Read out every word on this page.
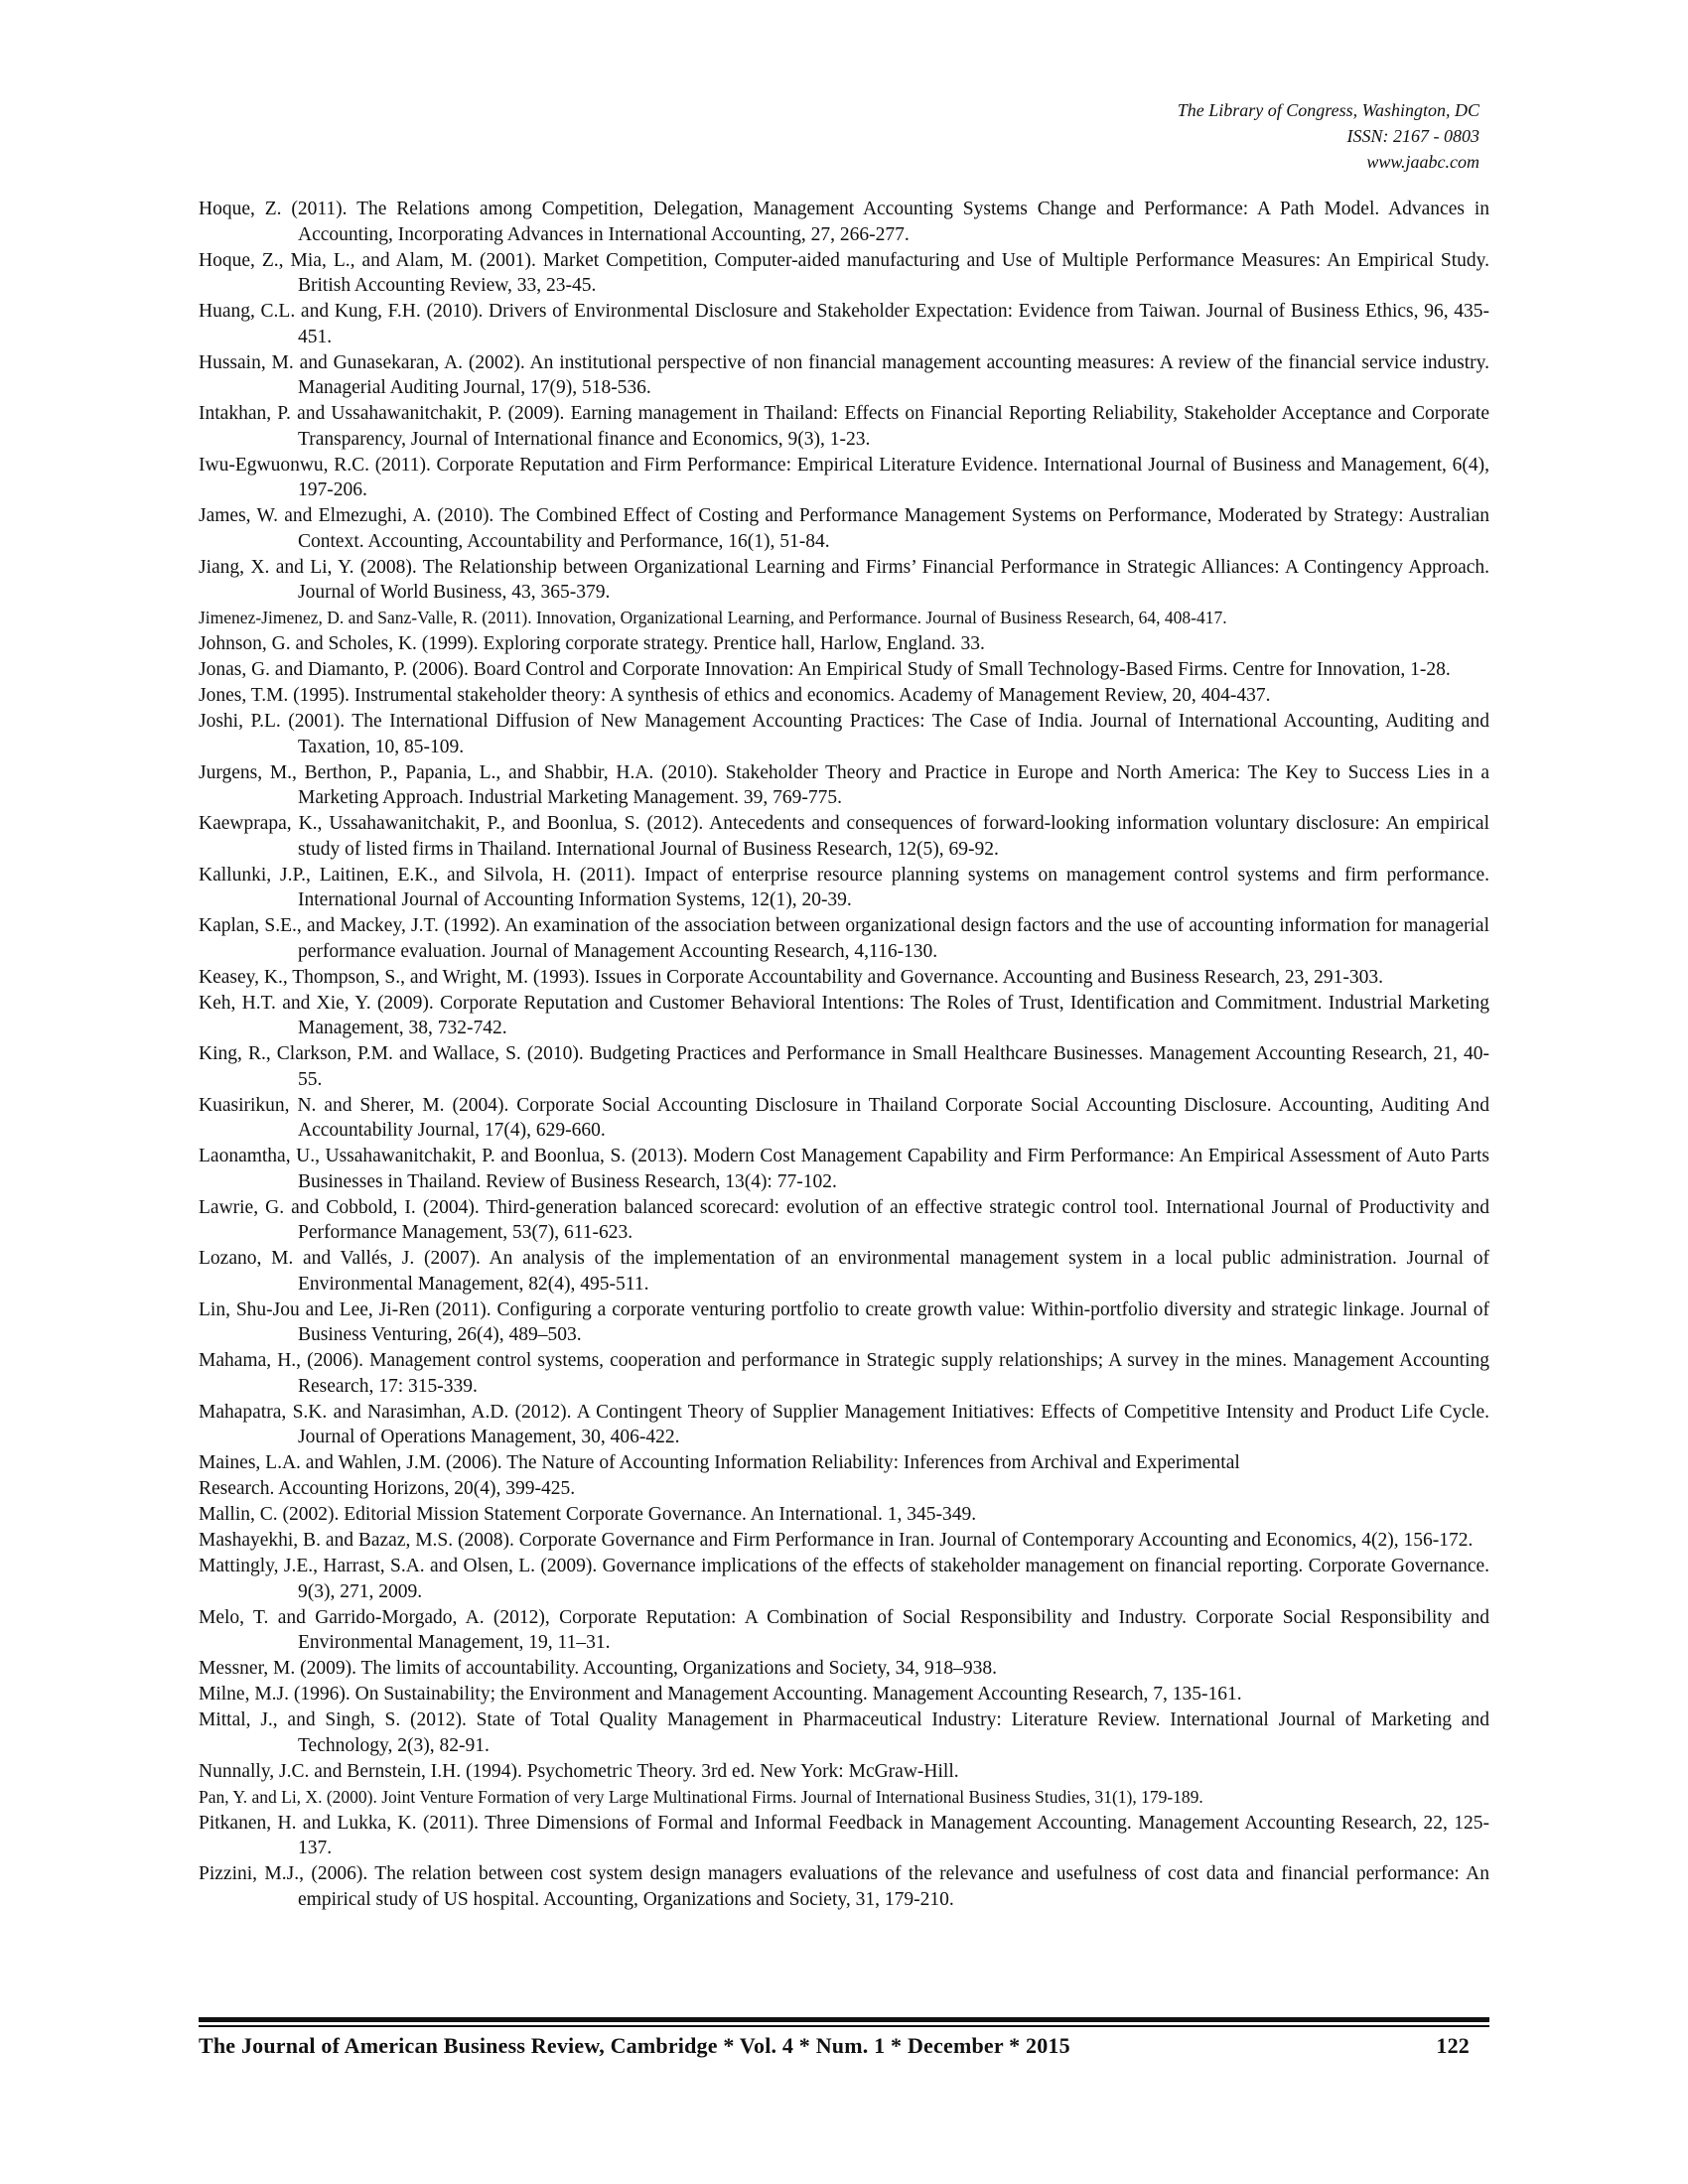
The Library of Congress, Washington, DC
ISSN: 2167 - 0803
www.jaabc.com

Hoque, Z. (2011). The Relations among Competition, Delegation, Management Accounting Systems Change and Performance: A Path Model. Advances in Accounting, Incorporating Advances in International Accounting, 27, 266-277.

Hoque, Z., Mia, L., and Alam, M. (2001). Market Competition, Computer-aided manufacturing and Use of Multiple Performance Measures: An Empirical Study. British Accounting Review, 33, 23-45.

Huang, C.L. and Kung, F.H. (2010). Drivers of Environmental Disclosure and Stakeholder Expectation: Evidence from Taiwan. Journal of Business Ethics, 96, 435-451.

Hussain, M. and Gunasekaran, A. (2002). An institutional perspective of non financial management accounting measures: A review of the financial service industry. Managerial Auditing Journal, 17(9), 518-536.

Intakhan, P. and Ussahawanitchakit, P. (2009). Earning management in Thailand: Effects on Financial Reporting Reliability, Stakeholder Acceptance and Corporate Transparency, Journal of International finance and Economics, 9(3), 1-23.

Iwu-Egwuonwu, R.C. (2011). Corporate Reputation and Firm Performance: Empirical Literature Evidence. International Journal of Business and Management, 6(4), 197-206.

James, W. and Elmezughi, A. (2010). The Combined Effect of Costing and Performance Management Systems on Performance, Moderated by Strategy: Australian Context. Accounting, Accountability and Performance, 16(1), 51-84.

Jiang, X. and Li, Y. (2008). The Relationship between Organizational Learning and Firms’ Financial Performance in Strategic Alliances: A Contingency Approach. Journal of World Business, 43, 365-379.

Jimenez-Jimenez, D. and Sanz-Valle, R. (2011). Innovation, Organizational Learning, and Performance. Journal of Business Research, 64, 408-417.

Johnson, G. and Scholes, K. (1999). Exploring corporate strategy. Prentice hall, Harlow, England. 33.

Jonas, G. and Diamanto, P. (2006). Board Control and Corporate Innovation: An Empirical Study of Small Technology-Based Firms. Centre for Innovation, 1-28.

Jones, T.M. (1995). Instrumental stakeholder theory: A synthesis of ethics and economics. Academy of Management Review, 20, 404-437.

Joshi, P.L. (2001). The International Diffusion of New Management Accounting Practices: The Case of India. Journal of International Accounting, Auditing and Taxation, 10, 85-109.

Jurgens, M., Berthon, P., Papania, L., and Shabbir, H.A. (2010). Stakeholder Theory and Practice in Europe and North America: The Key to Success Lies in a Marketing Approach. Industrial Marketing Management. 39, 769-775.

Kaewprapa, K., Ussahawanitchakit, P., and Boonlua, S. (2012). Antecedents and consequences of forward-looking information voluntary disclosure: An empirical study of listed firms in Thailand. International Journal of Business Research, 12(5), 69-92.

Kallunki, J.P., Laitinen, E.K., and Silvola, H. (2011). Impact of enterprise resource planning systems on management control systems and firm performance. International Journal of Accounting Information Systems, 12(1), 20-39.

Kaplan, S.E., and Mackey, J.T. (1992). An examination of the association between organizational design factors and the use of accounting information for managerial performance evaluation. Journal of Management Accounting Research, 4,116-130.

Keasey, K., Thompson, S., and Wright, M. (1993). Issues in Corporate Accountability and Governance. Accounting and Business Research, 23, 291-303.

Keh, H.T. and Xie, Y. (2009). Corporate Reputation and Customer Behavioral Intentions: The Roles of Trust, Identification and Commitment. Industrial Marketing Management, 38, 732-742.

King, R., Clarkson, P.M. and Wallace, S. (2010). Budgeting Practices and Performance in Small Healthcare Businesses. Management Accounting Research, 21, 40-55.

Kuasirikun, N. and Sherer, M. (2004). Corporate Social Accounting Disclosure in Thailand Corporate Social Accounting Disclosure. Accounting, Auditing And Accountability Journal, 17(4), 629-660.

Laonamtha, U., Ussahawanitchakit, P. and Boonlua, S. (2013). Modern Cost Management Capability and Firm Performance: An Empirical Assessment of Auto Parts Businesses in Thailand. Review of Business Research, 13(4): 77-102.

Lawrie, G. and Cobbold, I. (2004). Third-generation balanced scorecard: evolution of an effective strategic control tool. International Journal of Productivity and Performance Management, 53(7), 611-623.

Lozano, M. and Vallés, J. (2007). An analysis of the implementation of an environmental management system in a local public administration. Journal of Environmental Management, 82(4), 495-511.

Lin, Shu-Jou and Lee, Ji-Ren (2011). Configuring a corporate venturing portfolio to create growth value: Within-portfolio diversity and strategic linkage. Journal of Business Venturing, 26(4), 489–503.

Mahama, H., (2006). Management control systems, cooperation and performance in Strategic supply relationships; A survey in the mines. Management Accounting Research, 17: 315-339.

Mahapatra, S.K. and Narasimhan, A.D. (2012). A Contingent Theory of Supplier Management Initiatives: Effects of Competitive Intensity and Product Life Cycle. Journal of Operations Management, 30, 406-422.

Maines, L.A. and Wahlen, J.M. (2006). The Nature of Accounting Information Reliability: Inferences from Archival and Experimental

Research. Accounting Horizons, 20(4), 399-425.

Mallin, C. (2002). Editorial Mission Statement Corporate Governance. An International. 1, 345-349.

Mashayekhi, B. and Bazaz, M.S. (2008). Corporate Governance and Firm Performance in Iran. Journal of Contemporary Accounting and Economics, 4(2), 156-172.

Mattingly, J.E., Harrast, S.A. and Olsen, L. (2009). Governance implications of the effects of stakeholder management on financial reporting. Corporate Governance. 9(3), 271, 2009.

Melo, T. and Garrido-Morgado, A. (2012), Corporate Reputation: A Combination of Social Responsibility and Industry. Corporate Social Responsibility and Environmental Management, 19, 11–31.

Messner, M. (2009). The limits of accountability. Accounting, Organizations and Society, 34, 918–938.

Milne, M.J. (1996). On Sustainability; the Environment and Management Accounting. Management Accounting Research, 7, 135-161.

Mittal, J., and Singh, S. (2012). State of Total Quality Management in Pharmaceutical Industry: Literature Review. International Journal of Marketing and Technology, 2(3), 82-91.

Nunnally, J.C. and Bernstein, I.H. (1994). Psychometric Theory. 3rd ed. New York: McGraw-Hill.

Pan, Y. and Li, X. (2000). Joint Venture Formation of very Large Multinational Firms. Journal of International Business Studies, 31(1), 179-189.

Pitkanen, H. and Lukka, K. (2011). Three Dimensions of Formal and Informal Feedback in Management Accounting. Management Accounting Research, 22, 125-137.

Pizzini, M.J., (2006). The relation between cost system design managers evaluations of the relevance and usefulness of cost data and financial performance: An empirical study of US hospital. Accounting, Organizations and Society, 31, 179-210.

The Journal of American Business Review, Cambridge * Vol. 4 * Num. 1 * December * 2015	122
